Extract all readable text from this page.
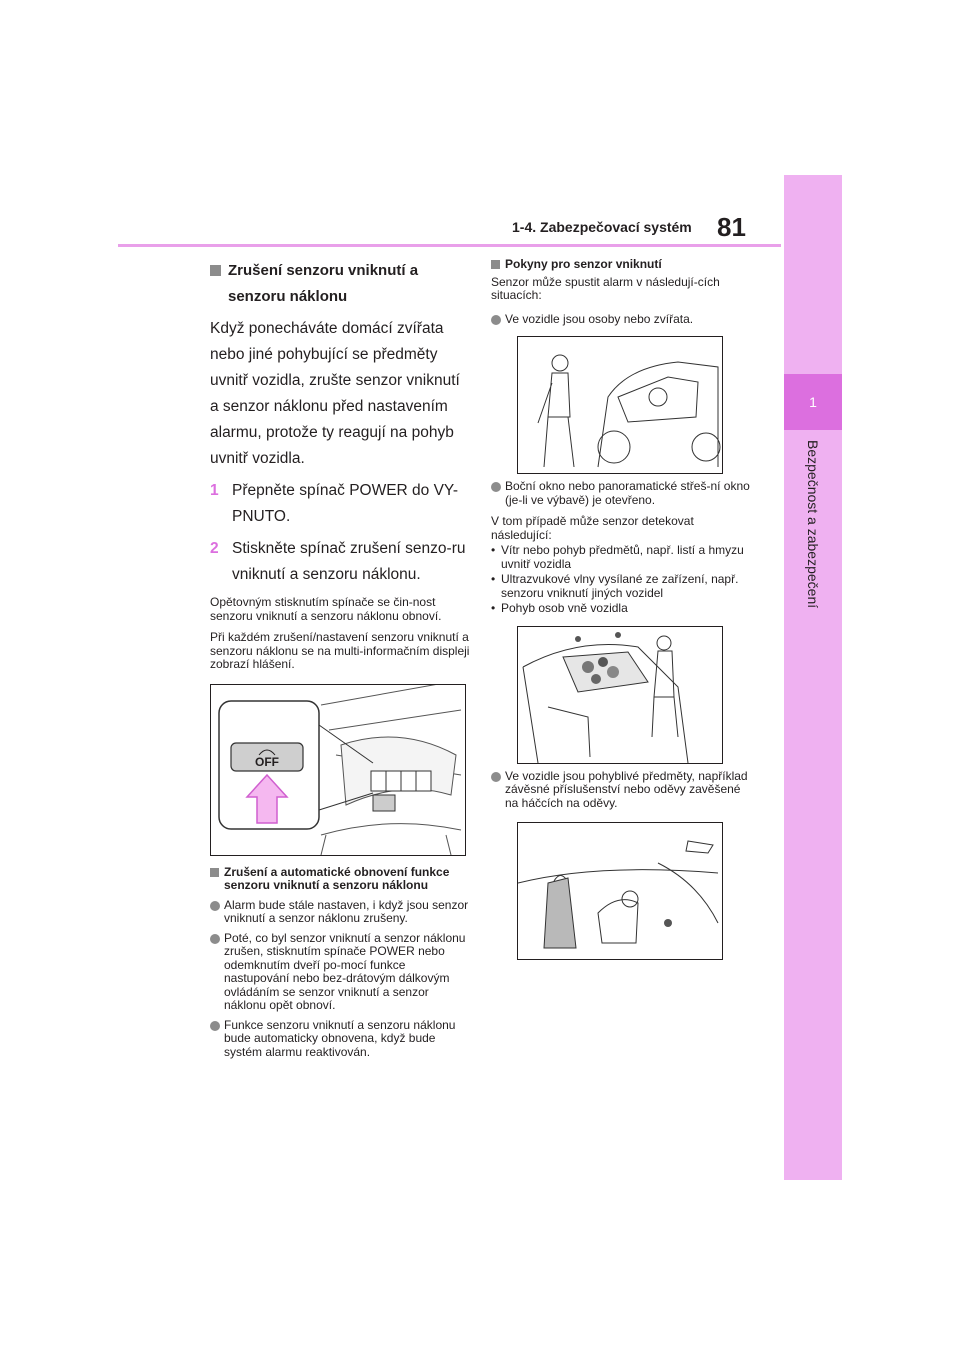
1-4. Zabezpečovací systém 81
1
Bezpečnost a zabezpečení
Zrušení senzoru vniknutí a senzoru náklonu
Když ponecháváte domácí zvířata nebo jiné pohybující se předměty uvnitř vozidla, zrušte senzor vniknutí a senzor náklonu před nastavením alarmu, protože ty reagují na pohyb uvnitř vozidla.
1 Přepněte spínač POWER do VY-PNUTO.
2 Stiskněte spínač zrušení senzo-ru vniknutí a senzoru náklonu.
Opětovným stisknutím spínače se čin-nost senzoru vniknutí a senzoru náklonu obnoví.
Při každém zrušení/nastavení senzoru vniknutí a senzoru náklonu se na multi-informačním displeji zobrazí hlášení.
OFF
Zrušení a automatické obnovení funkce senzoru vniknutí a senzoru náklonu
Alarm bude stále nastaven, i když jsou senzor vniknutí a senzor náklonu zrušeny.
Poté, co byl senzor vniknutí a senzor náklonu zrušen, stisknutím spínače POWER nebo odemknutím dveří po-mocí funkce nastupování nebo bez-drátovým dálkovým ovládáním se senzor vniknutí a senzor náklonu opět obnoví.
Funkce senzoru vniknutí a senzoru náklonu bude automaticky obnovena, když bude systém alarmu reaktivován.
Pokyny pro senzor vniknutí
Senzor může spustit alarm v následují-cích situacích:
Ve vozidle jsou osoby nebo zvířata.
Boční okno nebo panoramatické střeš-ní okno (je-li ve výbavě) je otevřeno.
V tom případě může senzor detekovat následující:
• Vítr nebo pohyb předmětů, např. listí a hmyzu uvnitř vozidla
• Ultrazvukové vlny vysílané ze zařízení, např. senzoru vniknutí jiných vozidel
• Pohyb osob vně vozidla
Ve vozidle jsou pohyblivé předměty, například závěsné příslušenství nebo oděvy zavěšené na háčcích na oděvy.
